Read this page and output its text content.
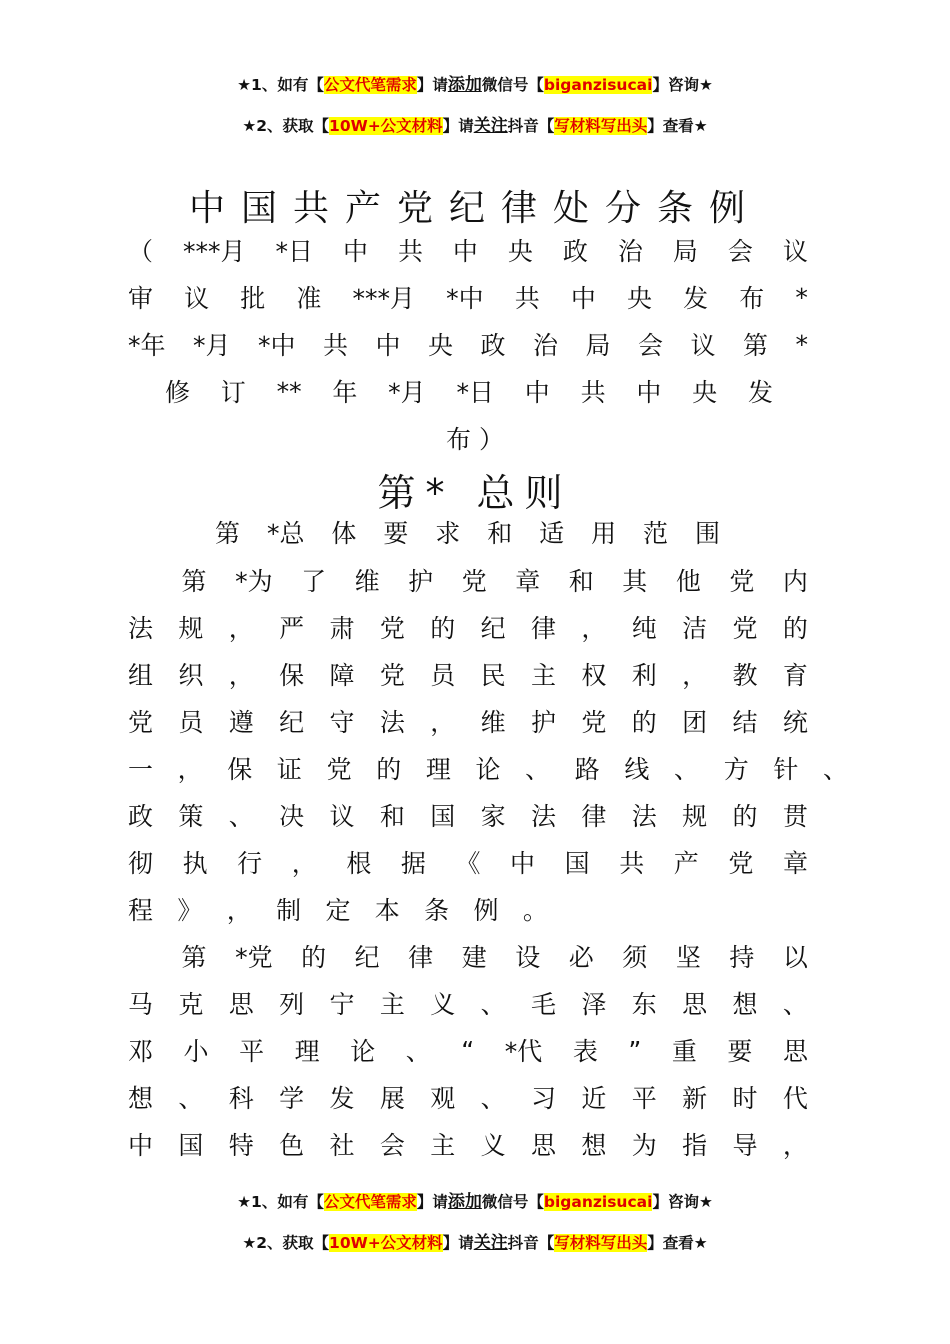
★1、如有【公文代笔需求】请添加微信号【biganzisucai】咨询★
★2、获取【10W+公文材料】请关注抖音【写材料写出头】查看★
中国共产党纪律处分条例
（ ***月 *日 中 共 中 央 政 治 局 会 议
审 议 批 准 ***月 *中 共 中 央 发 布 *
*年 *月 *中 共 中 央 政 治 局 会 议 第 *
修 订 ** 年 *月 *日 中 共 中 央 发
布 ）
第* 总则
第 *总 体 要 求 和 适 用 范 围

第 *为 了 维 护 党 章 和 其 他 党 内
法 规 ， 严 肃 党 的 纪 律 ， 纯 洁 党 的
组 织 ， 保 障 党 员 民 主 权 利 ， 教 育
党 员 遵 纪 守 法 ， 维 护 党 的 团 结 统
一 ， 保 证 党 的 理 论 、 路 线 、 方 针 、
政 策 、 决 议 和 国 家 法 律 法 规 的 贯
彻 执 行 ， 根 据 《 中 国 共 产 党 章
程 》 ， 制 定 本 条 例 。

第 *党 的 纪 律 建 设 必 须 坚 持 以
马 克 思 列 宁 主 义 、 毛 泽 东 思 想 、
邓 小 平 理 论 、 “ *代 表 ” 重 要 思
想 、 科 学 发 展 观 、 习 近 平 新 时 代
中 国 特 色 社 会 主 义 思 想 为 指 导 ，
★1、如有【公文代笔需求】请添加微信号【biganzisucai】咨询★
★2、获取【10W+公文材料】请关注抖音【写材料写出头】查看★
